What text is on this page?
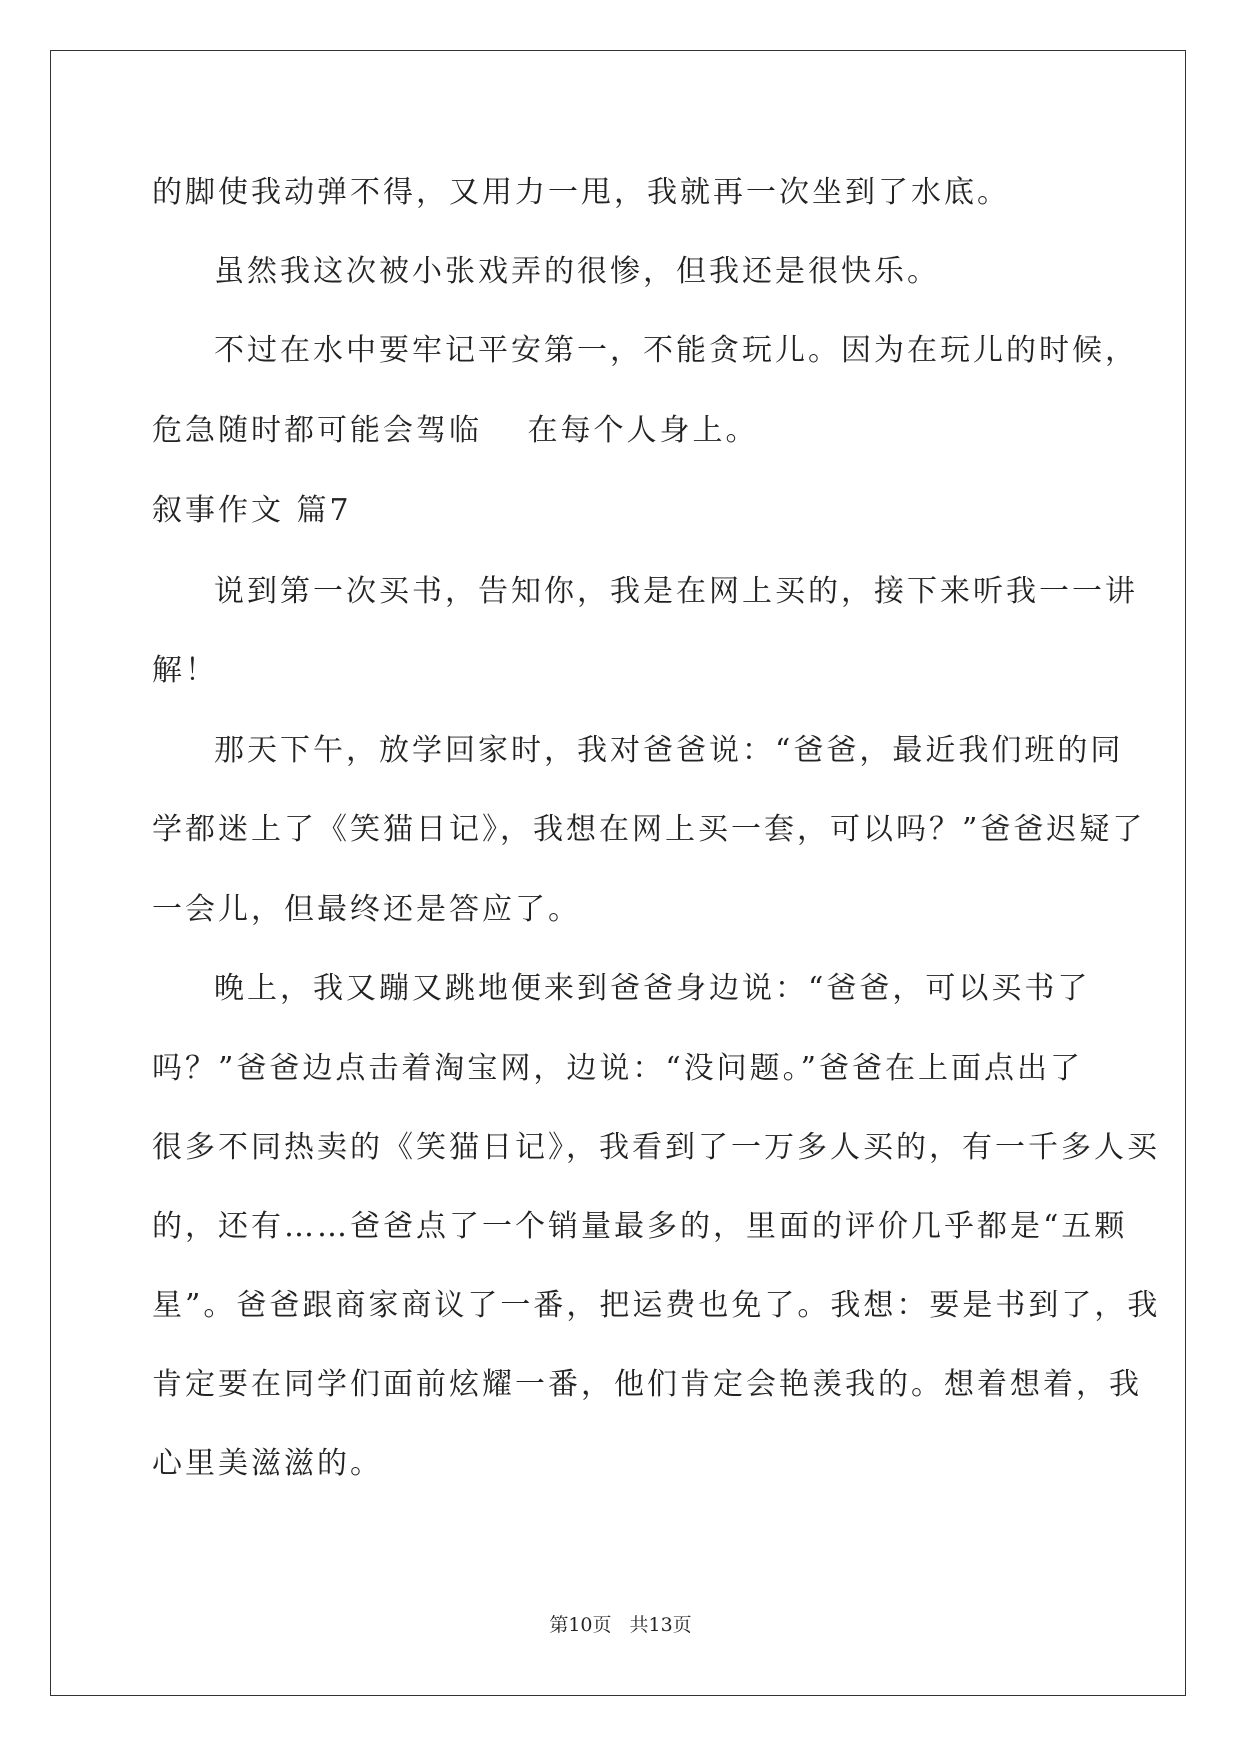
的脚使我动弹不得，又用力一甩，我就再一次坐到了水底。
虽然我这次被小张戏弄的很惨，但我还是很快乐。
不过在水中要牢记平安第一，不能贪玩儿。因为在玩儿的时候，
危急随时都可能会驾临　 在每个人身上。
叙事作文 篇7
说到第一次买书，告知你，我是在网上买的，接下来听我一一讲
解！
那天下午，放学回家时，我对爸爸说：“爸爸，最近我们班的同
学都迷上了《笑猫日记》，我想在网上买一套，可以吗？”爸爸迟疑了
一会儿，但最终还是答应了。
晚上，我又蹦又跳地便来到爸爸身边说：“爸爸，可以买书了
吗？”爸爸边点击着淘宝网，边说：“没问题。”爸爸在上面点出了
很多不同热卖的《笑猫日记》，我看到了一万多人买的，有一千多人买
的，还有……爸爸点了一个销量最多的，里面的评价几乎都是“五颗
星”。爸爸跟商家商议了一番，把运费也免了。我想：要是书到了，我
肯定要在同学们面前炫耀一番，他们肯定会艳羡我的。想着想着，我
心里美滋滋的。
第10页 共13页
